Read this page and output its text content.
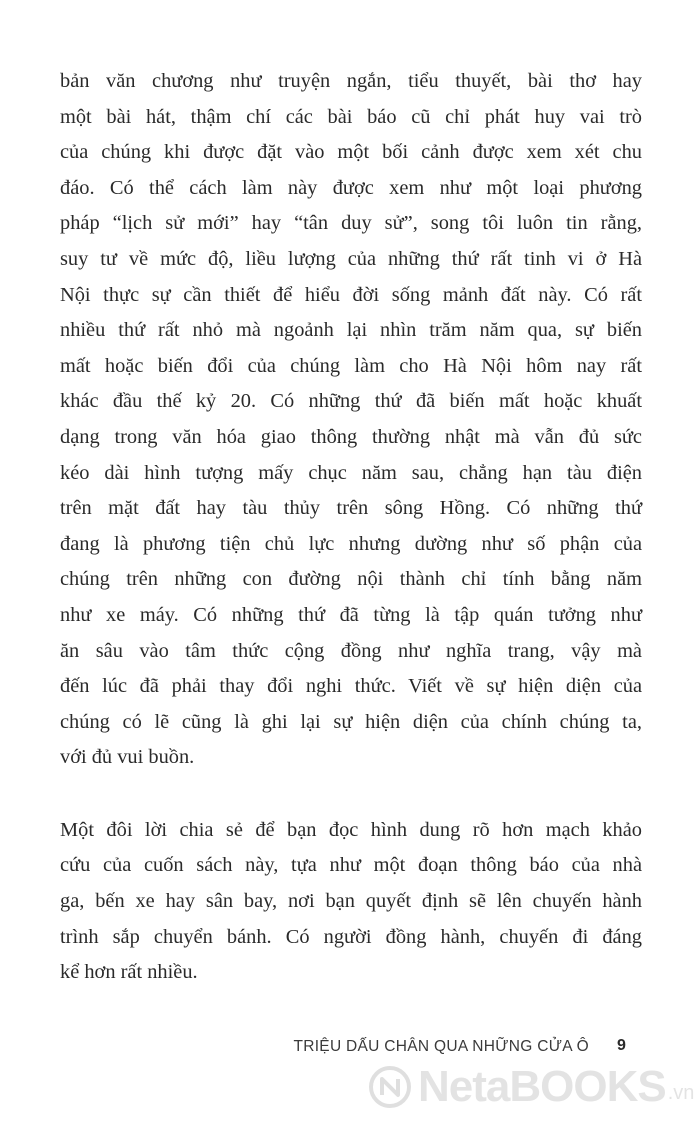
bản văn chương như truyện ngắn, tiểu thuyết, bài thơ hay
một bài hát, thậm chí các bài báo cũ chỉ phát huy vai trò
của chúng khi được đặt vào một bối cảnh được xem xét chu
đáo. Có thể cách làm này được xem như một loại phương
pháp “lịch sử mới” hay “tân duy sử”, song tôi luôn tin rằng,
suy tư về mức độ, liều lượng của những thứ rất tinh vi ở Hà
Nội thực sự cần thiết để hiểu đời sống mảnh đất này. Có rất
nhiều thứ rất nhỏ mà ngoảnh lại nhìn trăm năm qua, sự biến
mất hoặc biến đổi của chúng làm cho Hà Nội hôm nay rất
khác đầu thế kỷ 20. Có những thứ đã biến mất hoặc khuất
dạng trong văn hóa giao thông thường nhật mà vẫn đủ sức
kéo dài hình tượng mấy chục năm sau, chẳng hạn tàu điện
trên mặt đất hay tàu thủy trên sông Hồng. Có những thứ
đang là phương tiện chủ lực nhưng dường như số phận của
chúng trên những con đường nội thành chỉ tính bằng năm
như xe máy. Có những thứ đã từng là tập quán tưởng như
ăn sâu vào tâm thức cộng đồng như nghĩa trang, vậy mà
đến lúc đã phải thay đổi nghi thức. Viết về sự hiện diện của
chúng có lẽ cũng là ghi lại sự hiện diện của chính chúng ta,
với đủ vui buồn.
Một đôi lời chia sẻ để bạn đọc hình dung rõ hơn mạch khảo
cứu của cuốn sách này, tựa như một đoạn thông báo của nhà
ga, bến xe hay sân bay, nơi bạn quyết định sẽ lên chuyến hành
trình sắp chuyển bánh. Có người đồng hành, chuyến đi đáng
kể hơn rất nhiều.
TRIỆU DẤU CHÂN QUA NHỮNG CỬA Ô 9
NetaBOOKS .vn
